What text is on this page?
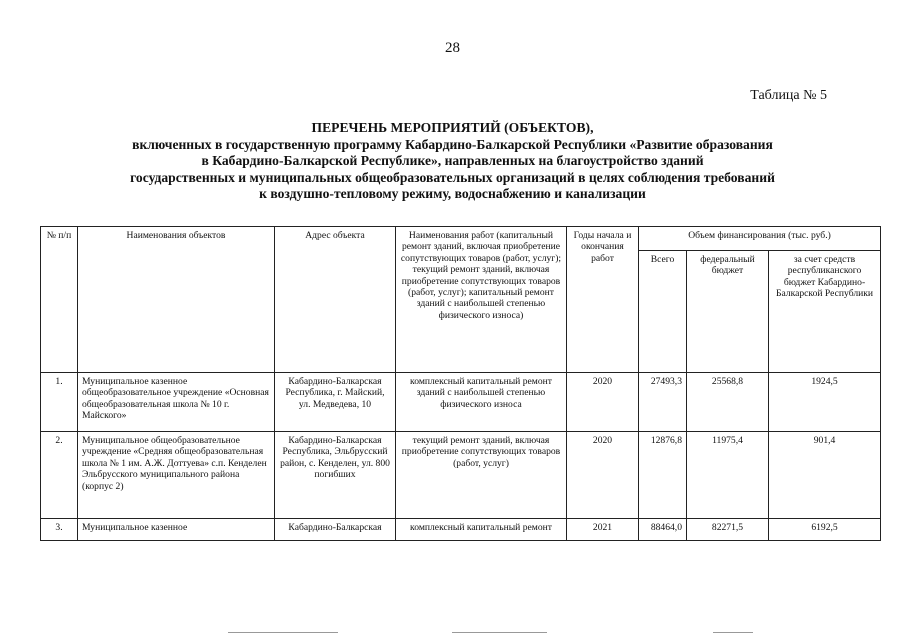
28
Таблица № 5
ПЕРЕЧЕНЬ МЕРОПРИЯТИЙ (ОБЪЕКТОВ),
включенных в государственную программу Кабардино-Балкарской Республики «Развитие образования
в Кабардино-Балкарской Республике», направленных на благоустройство зданий
государственных и муниципальных общеобразовательных организаций в целях соблюдения требований
к воздушно-тепловому режиму, водоснабжению и канализации
№ п/п	Наименования объектов	Адрес объекта	Наименования работ (капитальный ремонт зданий, включая приобретение сопутствующих товаров (работ, услуг); текущий ремонт зданий, включая приобретение сопутствующих товаров (работ, услуг); капитальный ремонт зданий с наибольшей степенью физического износа)	Годы начала и окончания работ	Объем финансирования (тыс. руб.)		
					Всего	федеральный бюджет	за счет средств республиканского бюджет Кабардино-Балкарской Республики
1.	Муниципальное казенное общеобразовательное учреждение «Основная общеобразовательная школа № 10 г. Майского»	Кабардино-Балкарская Республика, г. Майский, ул. Медведева, 10	комплексный капитальный ремонт зданий с наибольшей степенью физического износа	2020	27493,3	25568,8	1924,5
2.	Муниципальное общеобразовательное учреждение «Средняя общеобразовательная школа № 1 им. А.Ж. Доттуева» с.п. Кенделен Эльбрусского муниципального района (корпус 2)	Кабардино-Балкарская Республика, Эльбрусский район, с. Кенделен, ул. 800 погибших	текущий ремонт зданий, включая приобретение сопутствующих товаров (работ, услуг)	2020	12876,8	11975,4	901,4
3.	Муниципальное казенное	Кабардино-Балкарская	комплексный капитальный ремонт	2021	88464,0	82271,5	6192,5
